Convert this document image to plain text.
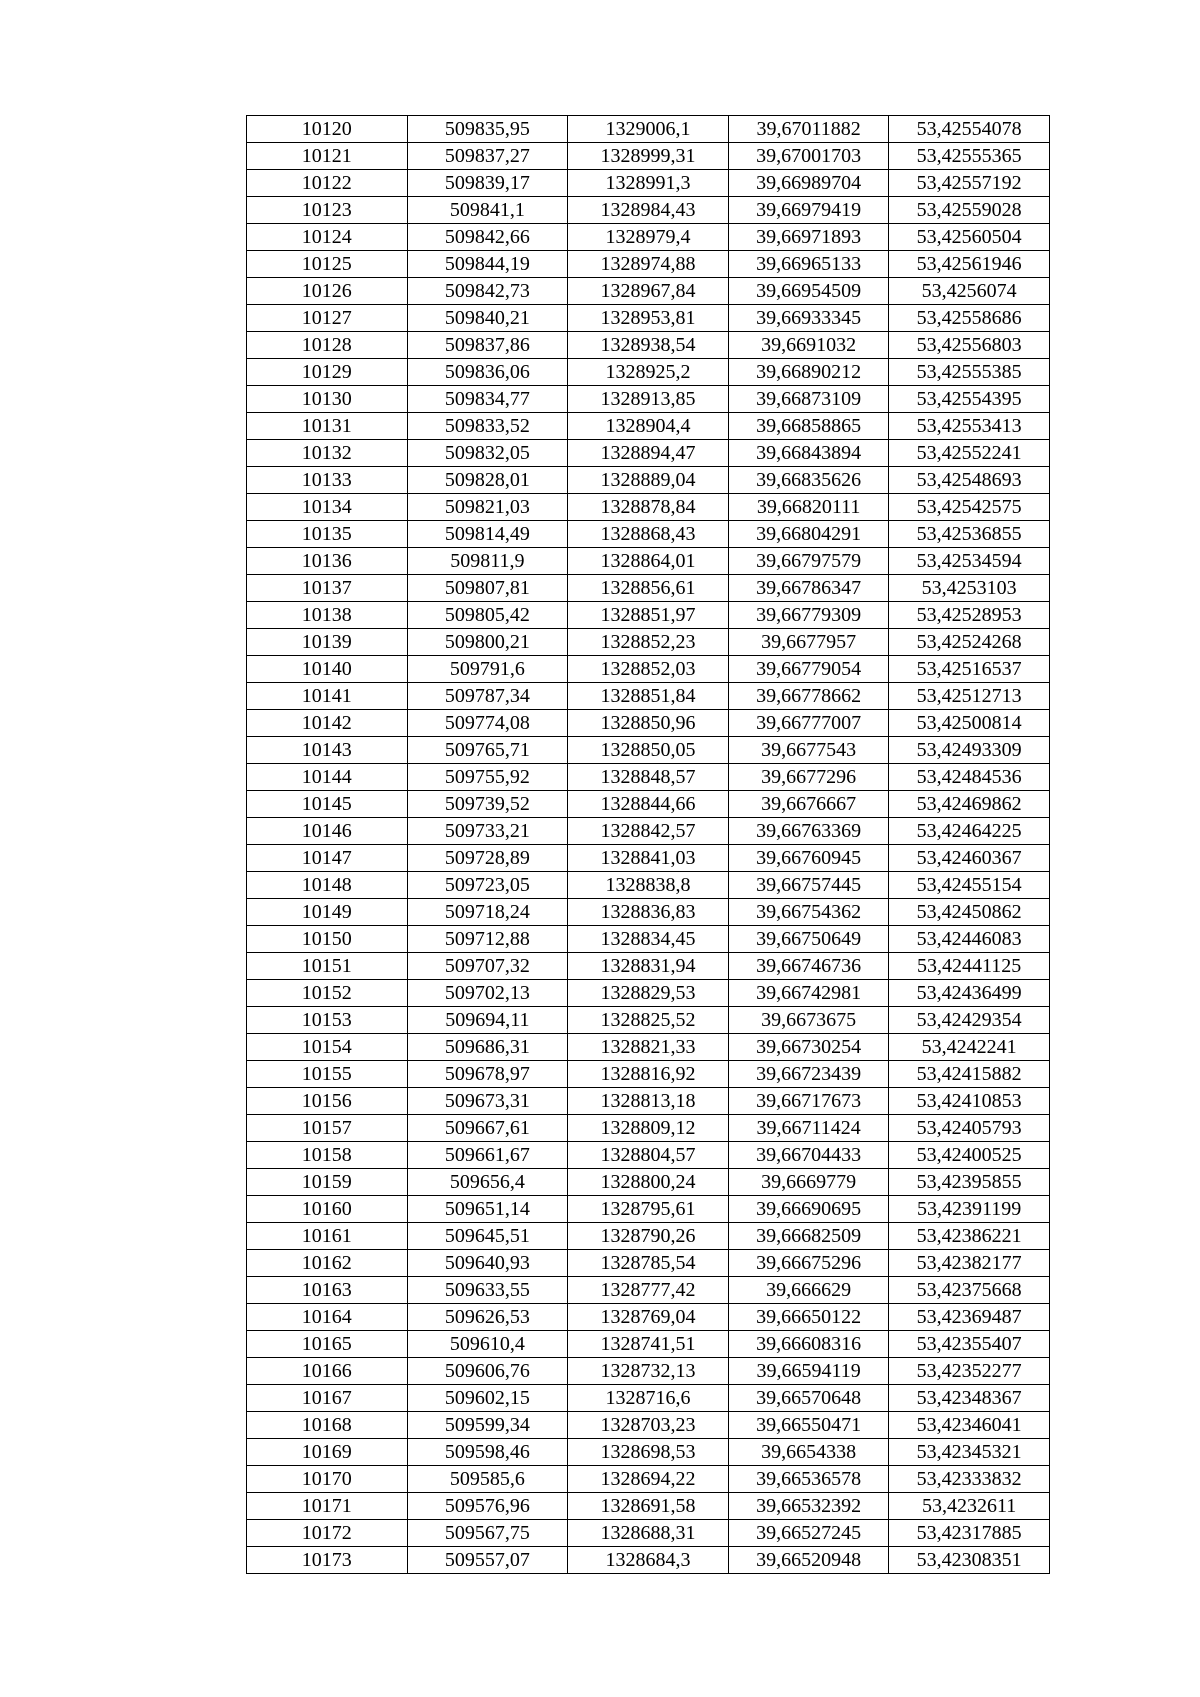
10120	509835,95	1329006,1	39,67011882	53,42554078
10121	509837,27	1328999,31	39,67001703	53,42555365
10122	509839,17	1328991,3	39,66989704	53,42557192
10123	509841,1	1328984,43	39,66979419	53,42559028
10124	509842,66	1328979,4	39,66971893	53,42560504
10125	509844,19	1328974,88	39,66965133	53,42561946
10126	509842,73	1328967,84	39,66954509	53,4256074
10127	509840,21	1328953,81	39,66933345	53,42558686
10128	509837,86	1328938,54	39,6691032	53,42556803
10129	509836,06	1328925,2	39,66890212	53,42555385
10130	509834,77	1328913,85	39,66873109	53,42554395
10131	509833,52	1328904,4	39,66858865	53,42553413
10132	509832,05	1328894,47	39,66843894	53,42552241
10133	509828,01	1328889,04	39,66835626	53,42548693
10134	509821,03	1328878,84	39,66820111	53,42542575
10135	509814,49	1328868,43	39,66804291	53,42536855
10136	509811,9	1328864,01	39,66797579	53,42534594
10137	509807,81	1328856,61	39,66786347	53,4253103
10138	509805,42	1328851,97	39,66779309	53,42528953
10139	509800,21	1328852,23	39,6677957	53,42524268
10140	509791,6	1328852,03	39,66779054	53,42516537
10141	509787,34	1328851,84	39,66778662	53,42512713
10142	509774,08	1328850,96	39,66777007	53,42500814
10143	509765,71	1328850,05	39,6677543	53,42493309
10144	509755,92	1328848,57	39,6677296	53,42484536
10145	509739,52	1328844,66	39,6676667	53,42469862
10146	509733,21	1328842,57	39,66763369	53,42464225
10147	509728,89	1328841,03	39,66760945	53,42460367
10148	509723,05	1328838,8	39,66757445	53,42455154
10149	509718,24	1328836,83	39,66754362	53,42450862
10150	509712,88	1328834,45	39,66750649	53,42446083
10151	509707,32	1328831,94	39,66746736	53,42441125
10152	509702,13	1328829,53	39,66742981	53,42436499
10153	509694,11	1328825,52	39,6673675	53,42429354
10154	509686,31	1328821,33	39,66730254	53,4242241
10155	509678,97	1328816,92	39,66723439	53,42415882
10156	509673,31	1328813,18	39,66717673	53,42410853
10157	509667,61	1328809,12	39,66711424	53,42405793
10158	509661,67	1328804,57	39,66704433	53,42400525
10159	509656,4	1328800,24	39,6669779	53,42395855
10160	509651,14	1328795,61	39,66690695	53,42391199
10161	509645,51	1328790,26	39,66682509	53,42386221
10162	509640,93	1328785,54	39,66675296	53,42382177
10163	509633,55	1328777,42	39,666629	53,42375668
10164	509626,53	1328769,04	39,66650122	53,42369487
10165	509610,4	1328741,51	39,66608316	53,42355407
10166	509606,76	1328732,13	39,66594119	53,42352277
10167	509602,15	1328716,6	39,66570648	53,42348367
10168	509599,34	1328703,23	39,66550471	53,42346041
10169	509598,46	1328698,53	39,6654338	53,42345321
10170	509585,6	1328694,22	39,66536578	53,42333832
10171	509576,96	1328691,58	39,66532392	53,4232611
10172	509567,75	1328688,31	39,66527245	53,42317885
10173	509557,07	1328684,3	39,66520948	53,42308351
